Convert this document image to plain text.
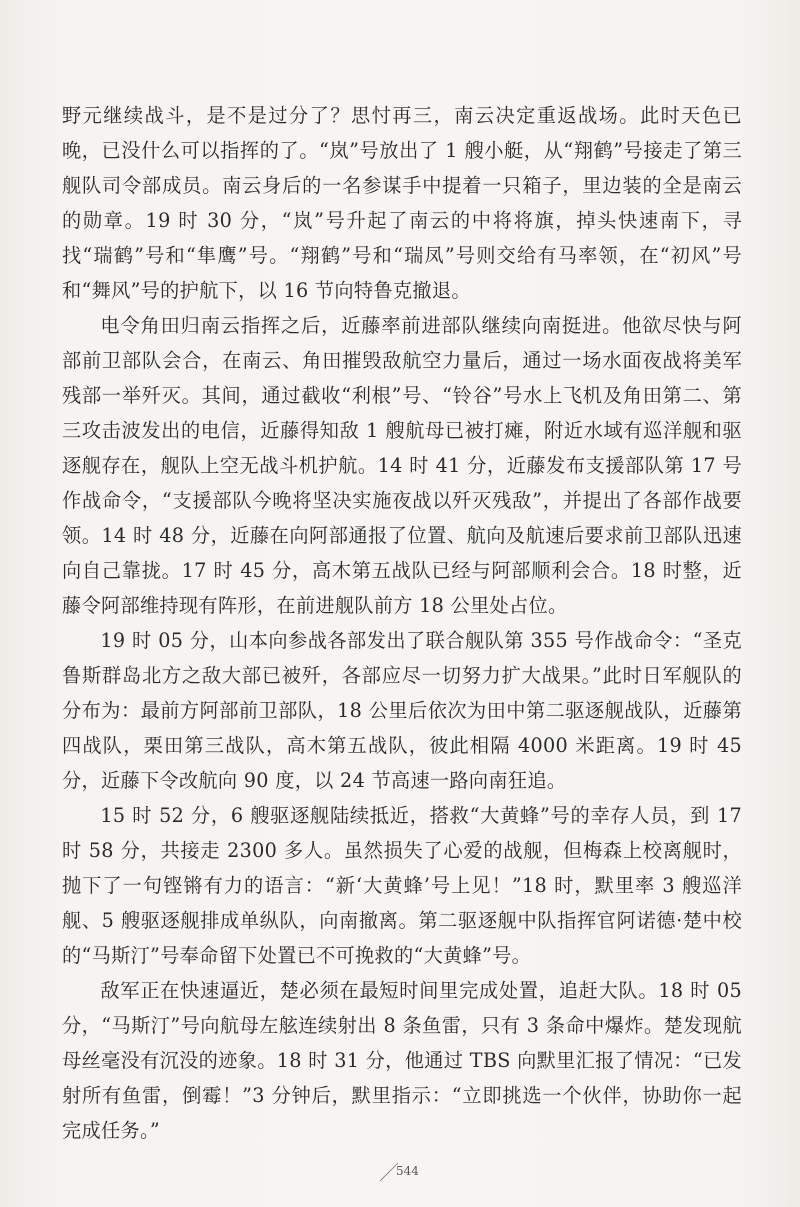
野元继续战斗，是不是过分了？思忖再三，南云决定重返战场。此时天色已晚，已没什么可以指挥的了。“岚”号放出了 1 艘小艇，从“翔鹤”号接走了第三舰队司令部成员。南云身后的一名参谋手中提着一只箱子，里边装的全是南云的勋章。19 时 30 分，“岚”号升起了南云的中将将旗，掉头快速南下，寻找“瑞鹤”号和“隼鹰”号。“翔鹤”号和“瑞凤”号则交给有马率领，在“初风”号和“舞风”号的护航下，以 16 节向特鲁克撤退。

电令角田归南云指挥之后，近藤率前进部队继续向南挺进。他欲尽快与阿部前卫部队会合，在南云、角田摧毁敌航空力量后，通过一场水面夜战将美军残部一举歼灭。其间，通过截收“利根”号、“铃谷”号水上飞机及角田第二、第三攻击波发出的电信，近藤得知敌 1 艘航母已被打瘫，附近水域有巡洋舰和驱逐舰存在，舰队上空无战斗机护航。14 时 41 分，近藤发布支援部队第 17 号作战命令，“支援部队今晚将坚决实施夜战以歼灭残敌”，并提出了各部作战要领。14 时 48 分，近藤在向阿部通报了位置、航向及航速后要求前卫部队迅速向自己靠拢。17 时 45 分，高木第五战队已经与阿部顺利会合。18 时整，近藤令阿部维持现有阵形，在前进舰队前方 18 公里处占位。

19 时 05 分，山本向参战各部发出了联合舰队第 355 号作战命令：“圣克鲁斯群岛北方之敌大部已被歼，各部应尽一切努力扩大战果。”此时日军舰队的分布为：最前方阿部前卫部队，18 公里后依次为田中第二驱逐舰战队，近藤第四战队，栗田第三战队，高木第五战队，彼此相隔 4000 米距离。19 时 45 分，近藤下令改航向 90 度，以 24 节高速一路向南狂追。

15 时 52 分，6 艘驱逐舰陆续抵近，搭救“大黄蜂”号的幸存人员，到 17 时 58 分，共接走 2300 多人。虽然损失了心爱的战舰，但梅森上校离舰时，抛下了一句铿锵有力的语言：“新‘大黄蜂’号上见！”18 时，默里率 3 艘巡洋舰、5 艘驱逐舰排成单纵队，向南撤离。第二驱逐舰中队指挥官阿诺德·楚中校的“马斯汀”号奉命留下处置已不可挽救的“大黄蜂”号。

敌军正在快速逼近，楚必须在最短时间里完成处置，追赶大队。18 时 05 分，“马斯汀”号向航母左舷连续射出 8 条鱼雷，只有 3 条命中爆炸。楚发现航母丝毫没有沉没的迹象。18 时 31 分，他通过 TBS 向默里汇报了情况：“已发射所有鱼雷，倒霉！”3 分钟后，默里指示：“立即挑选一个伙伴，协助你一起完成任务。”

544
